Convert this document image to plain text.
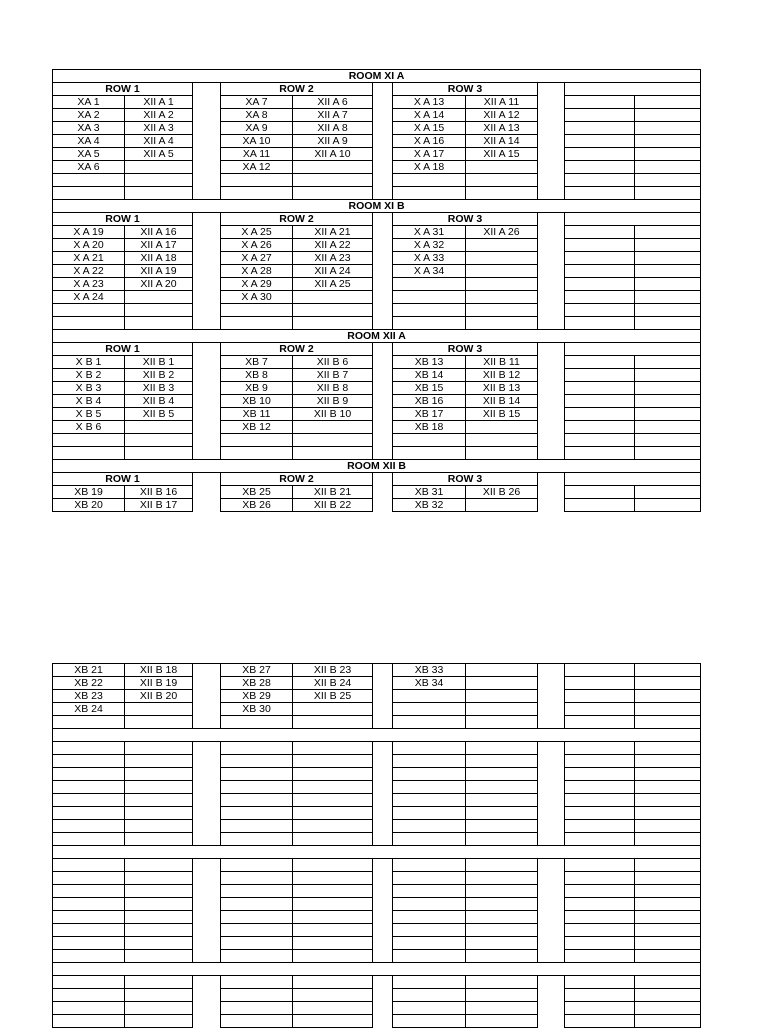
ROOM XI A										
ROW 1			ROW 2			ROW 3				
XA 1	XII A 1		XA 7	XII A 6		X A 13	XII A 11			
XA 2	XII A 2		XA 8	XII A 7		X A 14	XII A 12			
XA 3	XII A 3		XA 9	XII A 8		X A 15	XII A 13			
XA 4	XII A 4		XA 10	XII A 9		X A 16	XII A 14			
XA 5	XII A 5		XA 11	XII A 10		X A 17	XII A 15			
XA 6			XA 12			X A 18				

ROOM XI B										
ROW 1			ROW 2			ROW 3				
X A 19	XII A 16		X A 25	XII A 21		X A 31	XII A 26			
X A 20	XII A 17		X A 26	XII A 22		X A 32				
X A 21	XII A 18		X A 27	XII A 23		X A 33				
X A 22	XII A 19		X A 28	XII A 24		X A 34				
X A 23	XII A 20		X A 29	XII A 25						
X A 24			X A 30							

ROOM XII A										
ROW 1			ROW 2			ROW 3				
X B 1	XII B 1		XB 7	XII B 6		XB 13	XII B 11			
X B 2	XII B 2		XB 8	XII B 7		XB 14	XII B 12			
X B 3	XII B 3		XB 9	XII B 8		XB 15	XII B 13			
X B 4	XII B 4		XB 10	XII B 9		XB 16	XII B 14			
X B 5	XII B 5		XB 11	XII B 10		XB 17	XII B 15			
X B 6			XB 12			XB 18				

ROOM XII B										
ROW 1			ROW 2			ROW 3				
XB 19	XII B 16		XB 25	XII B 21		XB 31	XII B 26			
XB 20	XII B 17		XB 26	XII B 22		XB 32				
XB 21	XII B 18		XB 27	XII B 23		XB 33				
XB 22	XII B 19		XB 28	XII B 24		XB 34				
XB 23	XII B 20		XB 29	XII B 25						
XB 24			XB 30							
